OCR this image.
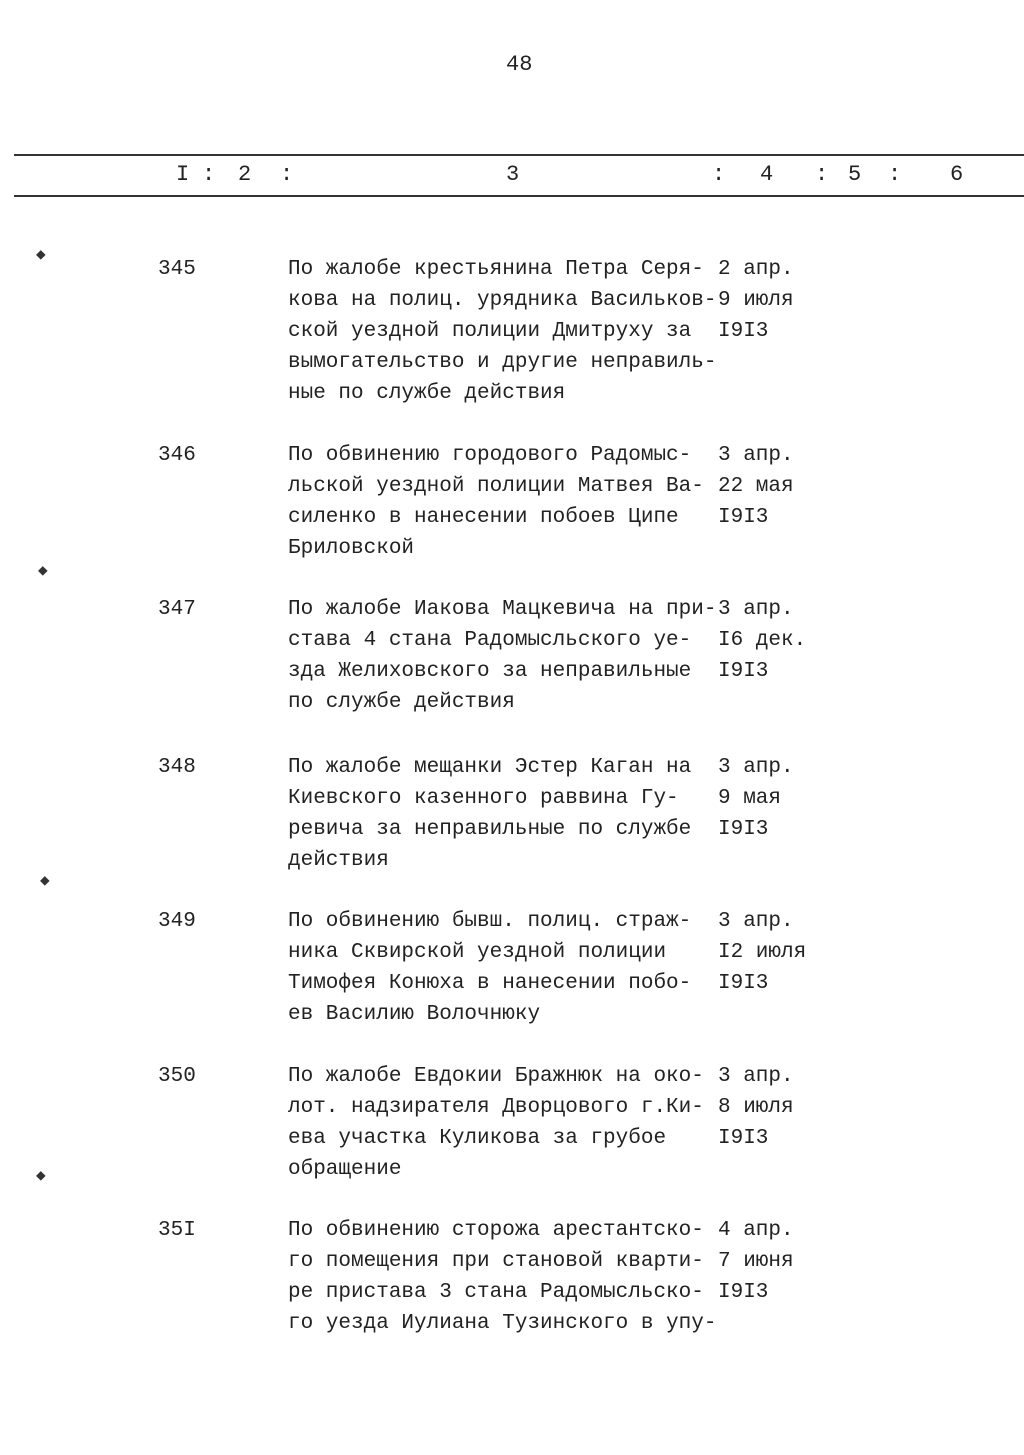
48
I : 2 :	3	: 4 : 5 : 6
345	По жалобе крестьянина Петра Серя-
кова на полиц. урядника Васильков-
ской уездной полиции Дмитруху за
вымогательство и другие неправиль-
ные по службе действия
2 апр.
9 июля
I9I3
346	По обвинению городового Радомыс-
льской уездной полиции Матвея Ва-
силенко в нанесении побоев Ципе
Бриловской
3 апр.
22 мая
I9I3
347	По жалобе Иакова Мацкевича на при-
става 4 стана Радомысльского уе-
зда Желиховского за неправильные
по службе действия
3 апр.
I6 дек.
I9I3
348	По жалобе мещанки Эстер Каган на
Киевского казенного раввина Гу-
ревича за неправильные по службе
действия
3 апр.
9 мая
I9I3
349	По обвинению бывш. полиц. страж-
ника Сквирской уездной полиции
Тимофея Конюха в нанесении побо-
ев Василию Волочнюку
3 апр.
I2 июля
I9I3
350	По жалобе Евдокии Бражнюк на око-
лот. надзирателя Дворцового г.Ки-
ева участка Куликова за грубое
обращение
3 апр.
8 июля
I9I3
35I	По обвинению сторожа арестантско-
го помещения при становой кварти-
ре пристава 3 стана Радомысльско-
го уезда Иулиана Тузинского в упу-
4 апр.
7 июня
I9I3
◆
◆
◆
◆
